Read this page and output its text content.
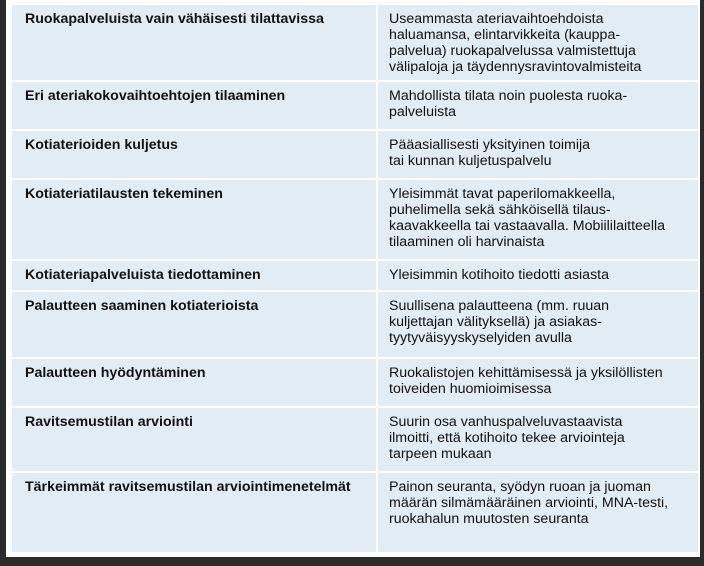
Ruokapalveluista vain vähäisesti tilattavissa	Useammasta ateriavaihtoehdoista
haluamansa, elintarvikkeita (kauppa-
palvelua) ruokapalvelussa valmistettuja
välipaloja ja täydennysravintovalmisteita
Eri ateriakokovaihtoehtojen tilaaminen	Mahdollista tilata noin puolesta ruoka-
palveluista
Kotiaterioiden kuljetus	Pääasiallisesti yksityinen toimija
tai kunnan kuljetuspalvelu
Kotiateriatilausten tekeminen	Yleisimmät tavat paperilomakkeella,
puhelimella sekä sähköisellä tilaus-
kaavakkeella tai vastaavalla. Mobiililaitteella
tilaaminen oli harvinaista
Kotiateriapalveluista tiedottaminen	Yleisimmin kotihoito tiedotti asiasta
Palautteen saaminen kotiaterioista	Suullisena palautteena (mm. ruuan
kuljettajan välityksellä) ja asiakas-
tyytyväisyyskyselyiden avulla
Palautteen hyödyntäminen	Ruokalistojen kehittämisessä ja yksilöllisten
toiveiden huomioimisessa
Ravitsemustilan arviointi	Suurin osa vanhuspalveluvastaavista
ilmoitti, että kotihoito tekee arviointeja
tarpeen mukaan
Tärkeimmät ravitsemustilan arviointimenetelmät	Painon seuranta, syödyn ruoan ja juoman
määrän silmämääräinen arviointi, MNA-testi,
ruokahalun muutosten seuranta
